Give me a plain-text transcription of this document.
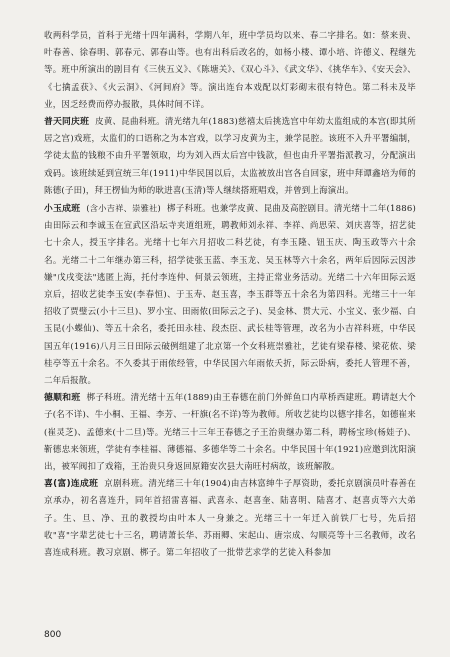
收两科学员，首科于光绪十四年满科，学期八年，班中学员均以来、春二字排名。如：蔡来贵、叶春善、徐春明、郭春元、郭春山等。也有出科后改名的，如杨小楼、谭小培、许德义、程继先等。班中所演出的剧目有《三侠五义》、《陈塘关》、《双心斗》、《武文华》、《挑华车》、《安天会》、《七擒孟获》、《火云洞》、《河间府》等。演出连台本戏配以灯彩砌末很有特色。第二科未及毕业，因乏经费而停办报散，具体时间不详。

普天同庆班 皮黄、昆曲科班。清光绪九年(1883)慈禧太后挑选宫中年幼太监组成的本宫(即其所居之宫)戏班，太监们的口语称之为本宫戏，以学习皮黄为主，兼学昆腔。该班不入升平署编制，学徒太监的钱粮不由升平署领取，均为刘入西太后宫中钱款，但也由升平署指派教习，分配演出戏码。该班续延到宣统三年(1911)中华民国以后，太监被放出宫各自回家，班中拜谭鑫培为师的陈德(子田)，拜王楞仙为师的耿进喜(玉清)等人继续搭班唱戏，并曾到上海演出。

小玉成班 (含小吉祥、崇雅社) 梆子科班。也兼学皮黄、昆曲及高腔剧目。清光绪十二年(1886)由田际云和李诚玉在宣武区沿坛寺夹道组班，聘教师刘永祥、李祥、尚思荣、刘庆喜等，招艺徒七十余人，授玉字排名。光绪十七年六月招收二科艺徒，有李玉隆、钮玉庆、陶玉政等六十余名。光绪二十二年继办第三科，招学徒张玉蓝、李玉龙、吴玉林等六十余名，两年后因际云因涉嫌"戊戌变法"逃匿上海，托付李连仲、何景云领班，主持正常业务活动。光绪二十六年田际云返京后，招收艺徒李玉安(李春恒)、于玉寿、赵玉喜，李玉群等五十余名为第四科。光绪三十一年招收了贾璧云(小十三旦)、罗小宝、田雨侬(田际云之子)、吴金林、贯大元、小宝义、张少福、白玉昆(小蝶仙)、等五十余名，委托田永桂、段杰臣、武长桂等管理，改名为小吉祥科班，中华民国五年(1916)八月三日田际云破例组建了北京第一个女科班崇雅社，艺徒有梁春楼、梁花侬、梁桂亭等五十余名。不久委其于雨侬经管，中华民国六年雨侬夭折，际云卧病，委托人管理不善，二年后报散。

德顺和班 梆子科班。清光绪十五年(1889)由王春德在前门外鲜鱼口内草桥西建班。聘请赵大个子(名不详)、牛小桐、王福、李芳、一杆旗(名不详)等为教师。所收艺徒均以德字排名，如德崔来(崔灵芝)、孟德来(十二旦)等。光绪三十三年王春德之子王治贵继办第二科，聘杨宝珍(杨娃子)、靳德忠来领班，学徒有李桂福、薄德福、多德华等二十余名。中华民国十年(1921)应邀到沈阳演出，被军阀扣了戏箱，王治贵只身返回原籍安次县大南旺村病故，该班解散。

喜(富)连成班 京剧科班。清光绪三十年(1904)由吉林富绅牛子厚资助，委托京剧演员叶春善在京承办，初名喜连升，同年首招雷喜福、武喜永、赵喜奎、陆喜明、陆喜才、赵喜贞等六大弟子。生、旦、净、丑的教授均由叶本人一身兼之。光绪三十一年迁入前铁厂七号，先后招收"喜"字辈艺徒七十三名，聘请萧长华、苏雨卿、宋起山、唐宗成、勾顺亮等十三名教师，改名喜连成科班。教习京剧、梆子。第二年招收了一批带艺求学的艺徒入科参加

800
